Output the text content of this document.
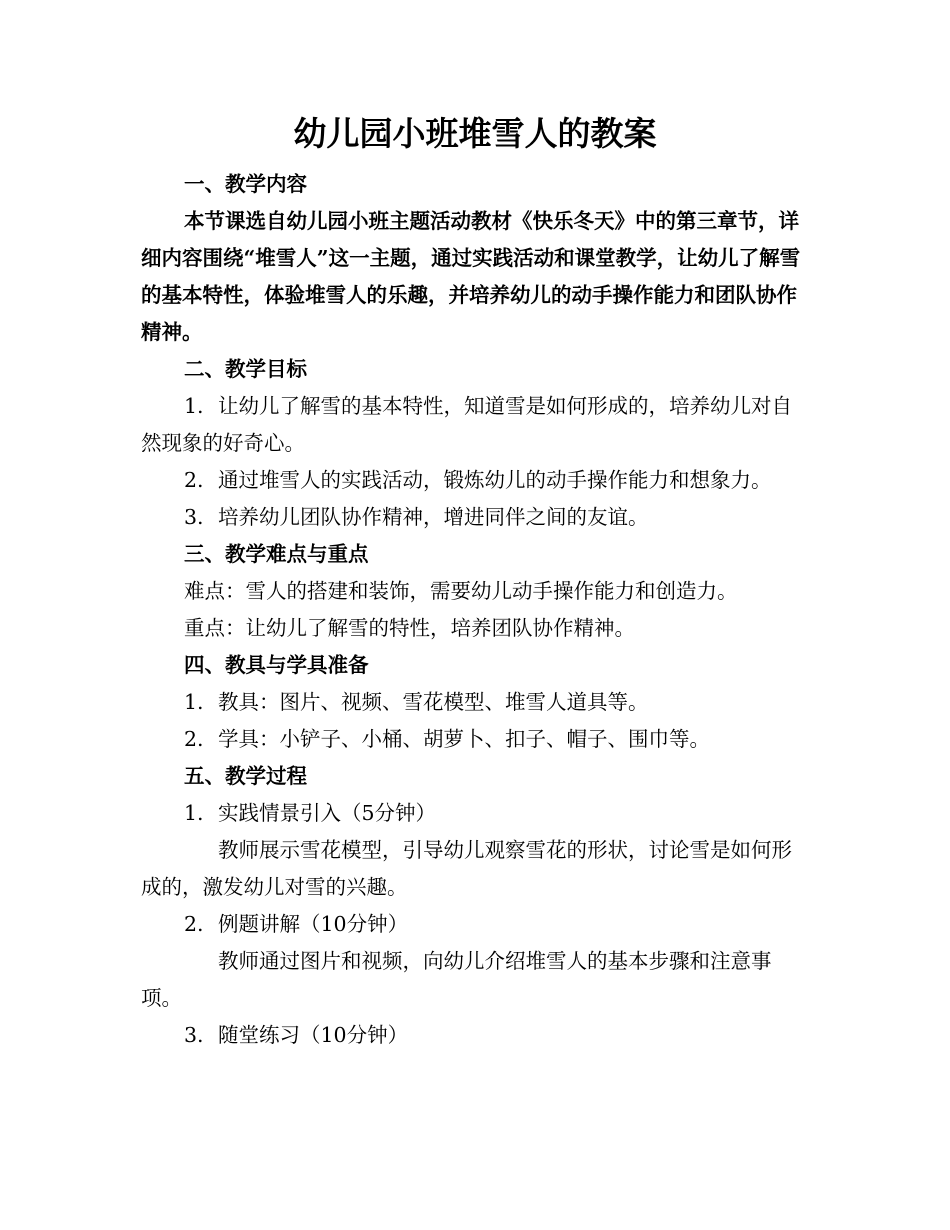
幼儿园小班堆雪人的教案

一、教学内容

本节课选自幼儿园小班主题活动教材《快乐冬天》中的第三章节，详细内容围绕“堆雪人”这一主题，通过实践活动和课堂教学，让幼儿了解雪的基本特性，体验堆雪人的乐趣，并培养幼儿的动手操作能力和团队协作精神。

二、教学目标

1. 让幼儿了解雪的基本特性，知道雪是如何形成的，培养幼儿对自然现象的好奇心。

2. 通过堆雪人的实践活动，锻炼幼儿的动手操作能力和想象力。

3. 培养幼儿团队协作精神，增进同伴之间的友谊。

三、教学难点与重点

难点：雪人的搭建和装饰，需要幼儿动手操作能力和创造力。

重点：让幼儿了解雪的特性，培养团队协作精神。

四、教具与学具准备

1. 教具：图片、视频、雪花模型、堆雪人道具等。

2. 学具：小铲子、小桶、胡萝卜、扣子、帽子、围巾等。

五、教学过程

1. 实践情景引入（5分钟）

教师展示雪花模型，引导幼儿观察雪花的形状，讨论雪是如何形成的，激发幼儿对雪的兴趣。

2. 例题讲解（10分钟）

教师通过图片和视频，向幼儿介绍堆雪人的基本步骤和注意事项。

3. 随堂练习（10分钟）
